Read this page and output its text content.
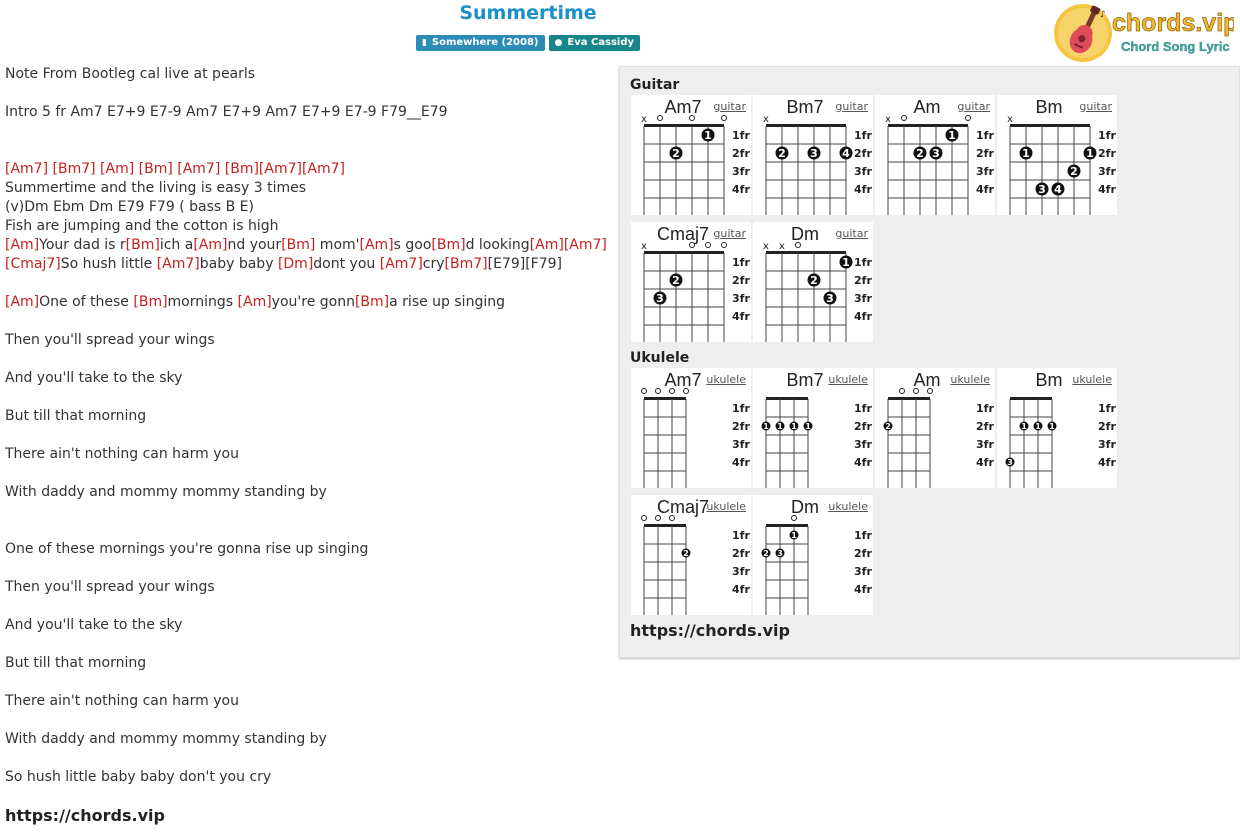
Summertime
▮ Somewhere (2008) ● Eva Cassidy
♪ chords.vip
Chord Song Lyric
Note From Bootleg cal live at pearls
Intro 5 fr Am7 E7+9 E7-9 Am7 E7+9 Am7 E7+9 E7-9 F79__E79
[Am7] [Bm7] [Am] [Bm] [Am7] [Bm][Am7][Am7]
Summertime and the living is easy 3 times
(v)Dm Ebm Dm E79 F79 ( bass B E)
Fish are jumping and the cotton is high
[Am]Your dad is r[Bm]ich a[Am]nd your[Bm] mom'[Am]s goo[Bm]d looking[Am][Am7]
[Cmaj7]So hush little [Am7]baby baby [Dm]dont you [Am7]cry[Bm7][E79][F79]
[Am]One of these [Bm]mornings [Am]you're gonn[Bm]a rise up singing
Then you'll spread your wings
And you'll take to the sky
But till that morning
There ain't nothing can harm you
With daddy and mommy mommy standing by
One of these mornings you're gonna rise up singing
Then you'll spread your wings
And you'll take to the sky
But till that morning
There ain't nothing can harm you
With daddy and mommy mommy standing by
So hush little baby baby don't you cry
https://chords.vip
Guitar
x
1
2
1fr
2fr
3fr
4fr
Am7	guitar
x
2 3 4
1fr
2fr
3fr
4fr
Bm7	guitar
x
1
2 3
1fr
2fr
3fr
4fr
Am	guitar
x
1	1
2
3 4
1fr
2fr
3fr
4fr
Bm	guitar
x
2
3
1fr
2fr
3fr
4fr
Cmaj7 guitar
x x
1
2
3
1fr
2fr
3fr
4fr
Dm	guitar
Ukulele
1fr
2fr
3fr
4fr
Am7 ukulele
1 1 1 1
1fr
2fr
3fr
4fr
Bm7 ukulele
2
1fr
2fr
3fr
4fr
Am ukulele
1 1 1
3
1fr
2fr
3fr
4fr
Bm ukulele
2
1fr
2fr
3fr
4fr
Cmaj7
ukulele
1
2 3
1fr
2fr
3fr
4fr
Dm ukulele
https://chords.vip
